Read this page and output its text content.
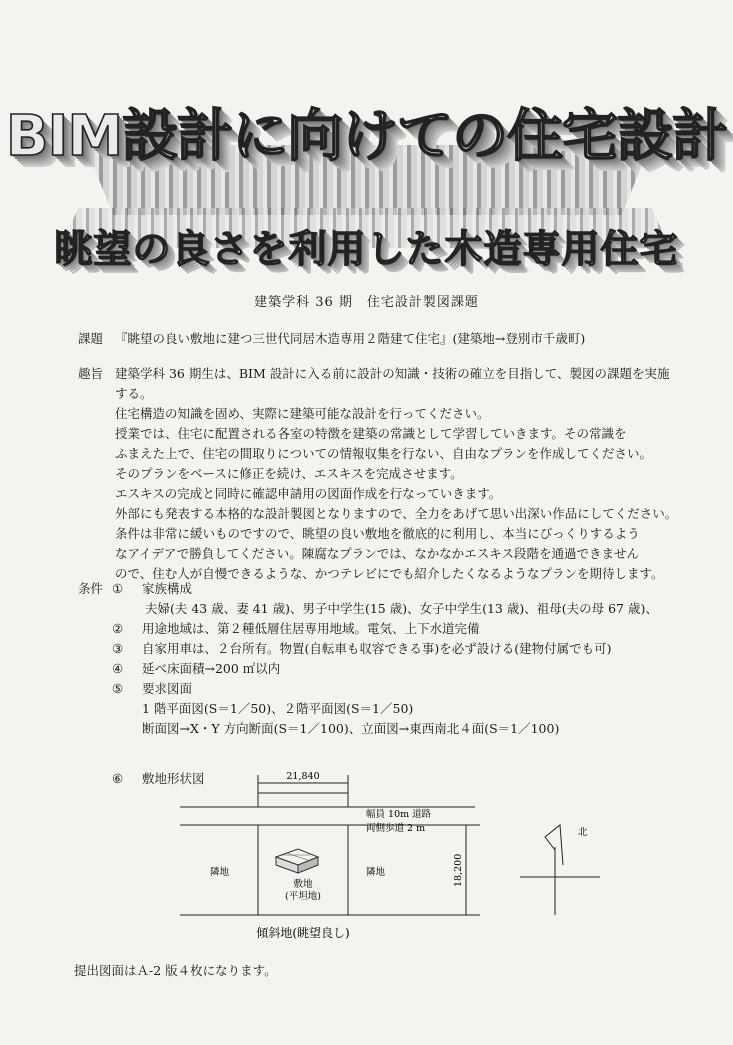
BIM設計に向けての住宅設計
眺望の良さを利用した木造専用住宅
建築学科 36 期　住宅設計製図課題
課題 『眺望の良い敷地に建つ三世代同居木造専用２階建て住宅』(建築地→登別市千歳町)
趣旨 建築学科 36 期生は、BIM 設計に入る前に設計の知識・技術の確立を目指して、製図の課題を実施
する。
住宅構造の知識を固め、実際に建築可能な設計を行ってください。
授業では、住宅に配置される各室の特徴を建築の常識として学習していきます。その常識を
ふまえた上で、住宅の間取りについての情報収集を行ない、自由なプランを作成してください。
そのプランをベースに修正を続け、エスキスを完成させます。
エスキスの完成と同時に確認申請用の図面作成を行なっていきます。
外部にも発表する本格的な設計製図となりますので、全力をあげて思い出深い作品にしてください。
条件は非常に緩いものですので、眺望の良い敷地を徹底的に利用し、本当にびっくりするよう
なアイデアで勝負してください。陳腐なプランでは、なかなかエスキス段階を通過できません
ので、住む人が自慢できるような、かつテレビにでも紹介したくなるようなプランを期待します。
条件 ① 家族構成
夫婦(夫 43 歳、妻 41 歳)、男子中学生(15 歳)、女子中学生(13 歳)、祖母(夫の母 67 歳)、
② 用途地域は、第２種低層住居専用地域。電気、上下水道完備
③ 自家用車は、２台所有。物置(自転車も収容できる事)を必ず設ける(建物付属でも可)
④ 延べ床面積→200 ㎡以内
⑤ 要求図面
1 階平面図(S＝1／50)、２階平面図(S＝1／50)
断面図→X・Y 方向断面(S＝1／100)、立面図→東西南北４面(S＝1／100)
⑥ 敷地形状図	21,840
幅員 10m 道路
両側歩道 2 m
隣地	隣地
敷地
(平坦地)
18,200
北
傾斜地(眺望良し)
提出図面はＡ-2 版４枚になります。
